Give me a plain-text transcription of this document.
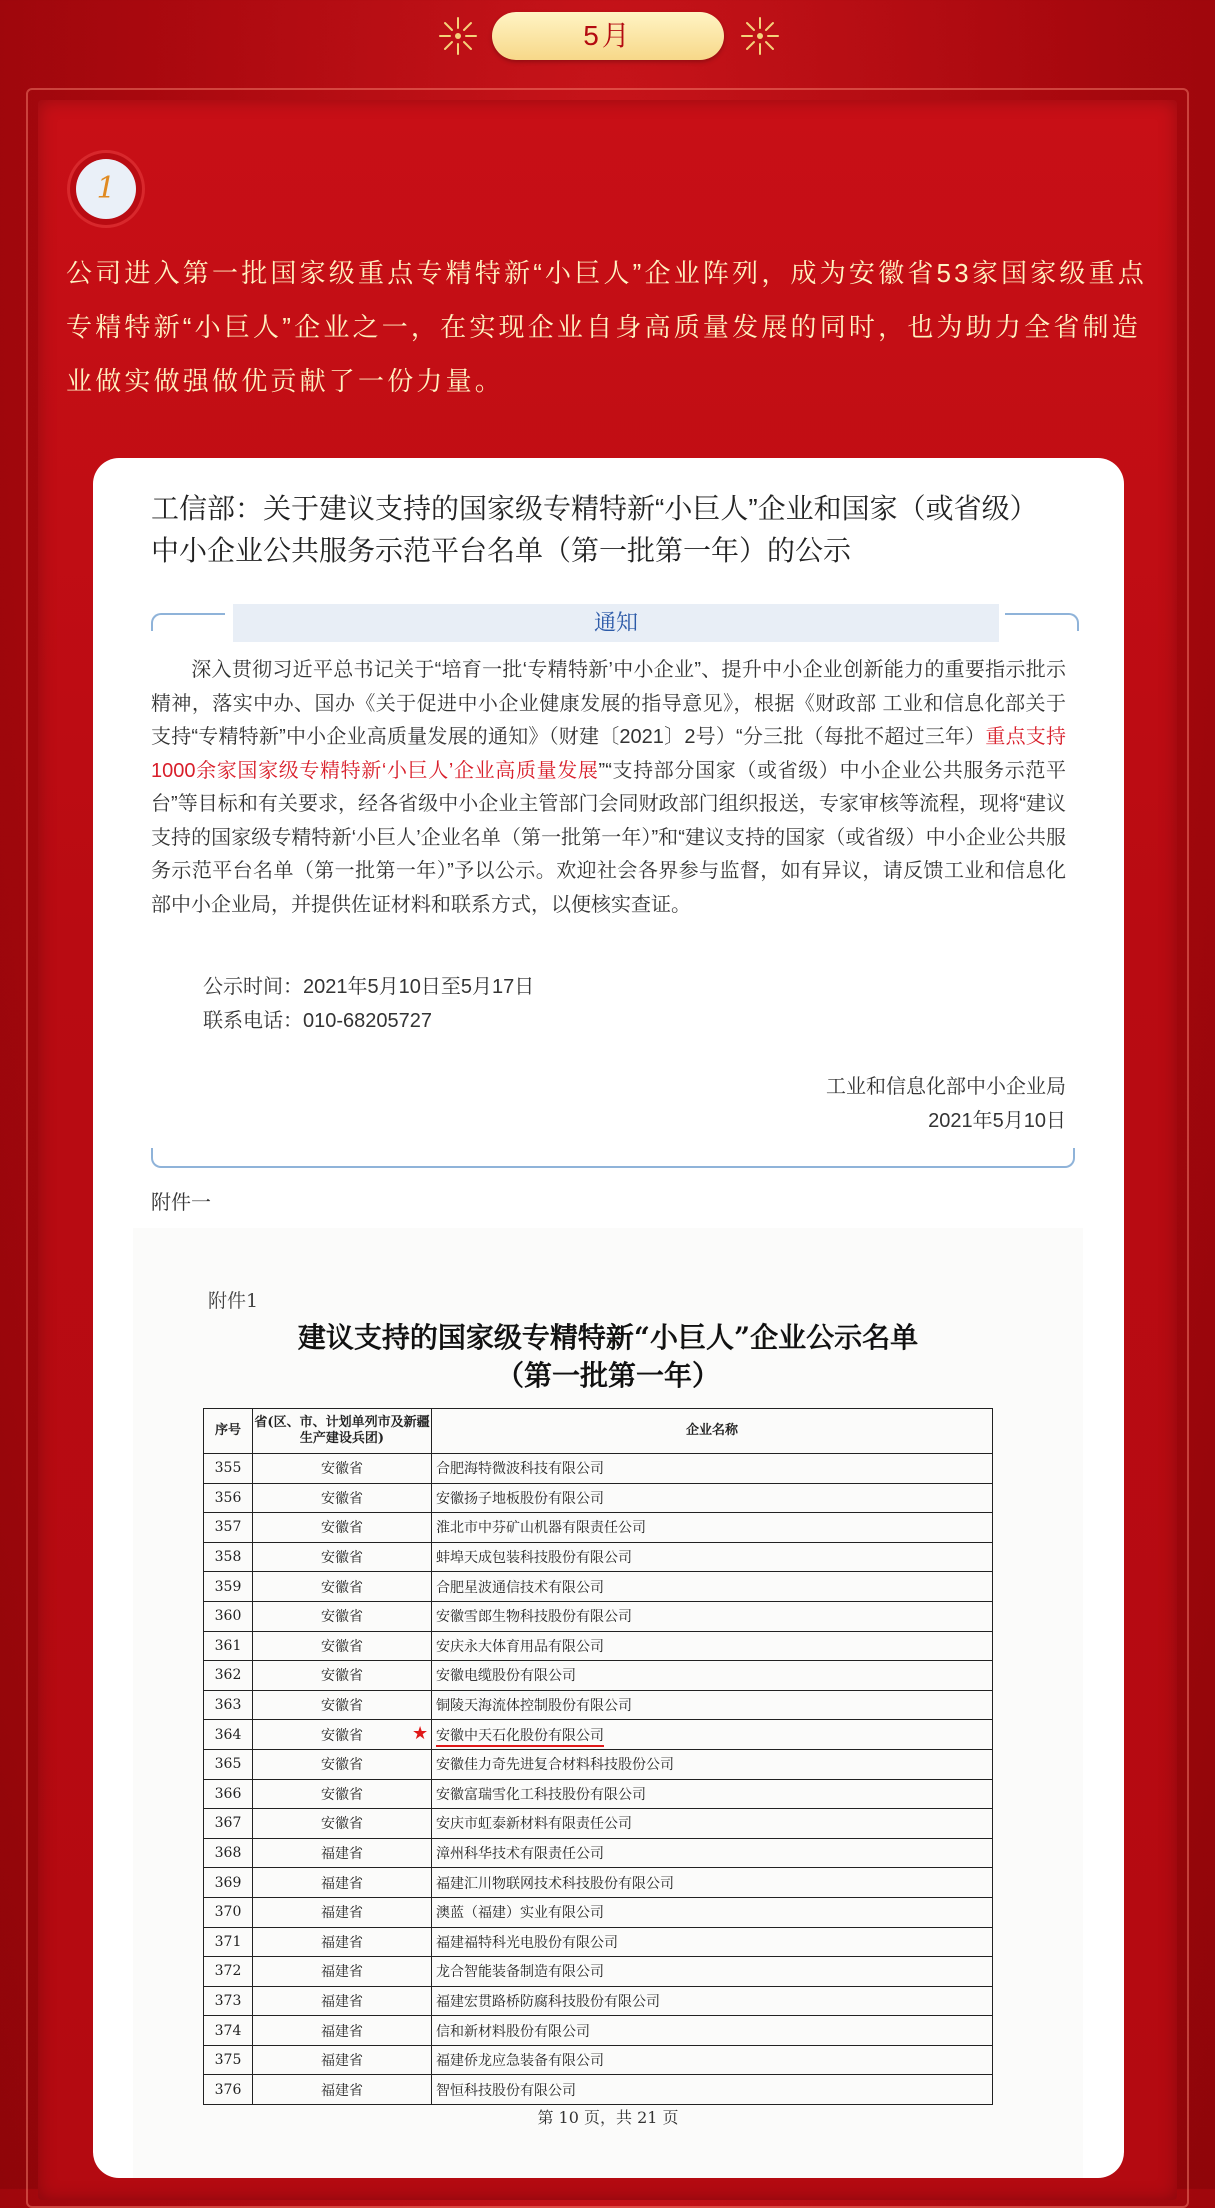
5月
1

公司进入第一批国家级重点专精特新“小巨人”企业阵列，成为安徽省53家国家级重点专精特新“小巨人”企业之一，在实现企业自身高质量发展的同时，也为助力全省制造业做实做强做优贡献了一份力量。

工信部：关于建议支持的国家级专精特新“小巨人”企业和国家（或省级）中小企业公共服务示范平台名单（第一批第一年）的公示
通知

深入贯彻习近平总书记关于“培育一批‘专精特新’中小企业”、提升中小企业创新能力的重要指示批示精神，落实中办、国办《关于促进中小企业健康发展的指导意见》，根据《财政部 工业和信息化部关于支持“专精特新”中小企业高质量发展的通知》（财建〔2021〕2号）“分三批（每批不超过三年）重点支持1000余家国家级专精特新‘小巨人’企业高质量发展”“支持部分国家（或省级）中小企业公共服务示范平台”等目标和有关要求，经各省级中小企业主管部门会同财政部门组织报送，专家审核等流程，现将“建议支持的国家级专精特新‘小巨人’企业名单（第一批第一年）”和“建议支持的国家（或省级）中小企业公共服务示范平台名单（第一批第一年）”予以公示。欢迎社会各界参与监督，如有异议，请反馈工业和信息化部中小企业局，并提供佐证材料和联系方式，以便核实查证。

公示时间：2021年5月10日至5月17日
联系电话：010-68205727
工业和信息化部中小企业局
2021年5月10日
附件一
附件1
建议支持的国家级专精特新“小巨人”企业公示名单
（第一批第一年）
序号	省(区、市、计划单列市及新疆生产建设兵团)	企业名称
355	安徽省	合肥海特微波科技有限公司
356	安徽省	安徽扬子地板股份有限公司
357	安徽省	淮北市中芬矿山机器有限责任公司
358	安徽省	蚌埠天成包装科技股份有限公司
359	安徽省	合肥星波通信技术有限公司
360	安徽省	安徽雪郎生物科技股份有限公司
361	安徽省	安庆永大体育用品有限公司
362	安徽省	安徽电缆股份有限公司
363	安徽省	铜陵天海流体控制股份有限公司
364	安徽省	★ 安徽中天石化股份有限公司
365	安徽省	安徽佳力奇先进复合材料科技股份公司
366	安徽省	安徽富瑞雪化工科技股份有限公司
367	安徽省	安庆市虹泰新材料有限责任公司
368	福建省	漳州科华技术有限责任公司
369	福建省	福建汇川物联网技术科技股份有限公司
370	福建省	澳蓝（福建）实业有限公司
371	福建省	福建福特科光电股份有限公司
372	福建省	龙合智能装备制造有限公司
373	福建省	福建宏贯路桥防腐科技股份有限公司
374	福建省	信和新材料股份有限公司
375	福建省	福建侨龙应急装备有限公司
376	福建省	智恒科技股份有限公司
第 10 页，共 21 页
